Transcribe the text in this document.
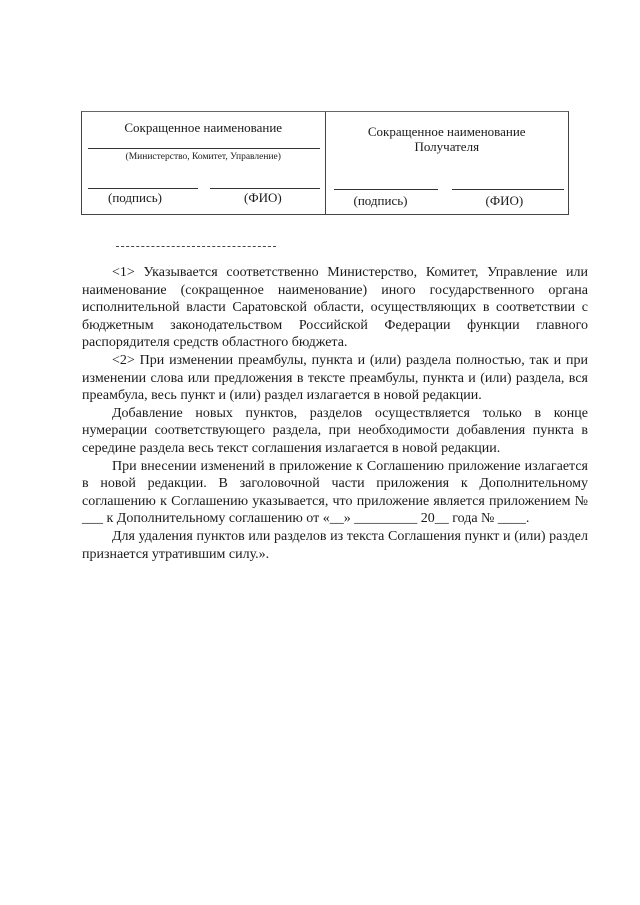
Сокращенное наименование
(Министерство, Комитет, Управление)
(подпись)	(ФИО)
Сокращенное наименование
Получателя
(подпись)	(ФИО)

<1> Указывается соответственно Министерство, Комитет, Управление или наименование (сокращенное наименование) иного государственного органа исполнительной власти Саратовской области, осуществляющих в соответствии с бюджетным законодательством Российской Федерации функции главного распорядителя средств областного бюджета.

<2> При изменении преамбулы, пункта и (или) раздела полностью, так и при изменении слова или предложения в тексте преамбулы, пункта и (или) раздела, вся преамбула, весь пункт и (или) раздел излагается в новой редакции.

Добавление новых пунктов, разделов осуществляется только в конце нумерации соответствующего раздела, при необходимости добавления пункта в середине раздела весь текст соглашения излагается в новой редакции.

При внесении изменений в приложение к Соглашению приложение излагается в новой редакции. В заголовочной части приложения к Дополнительному соглашению к Соглашению указывается, что приложение является приложением № ___ к Дополнительному соглашению от «__» _________ 20__ года № ____.

Для удаления пунктов или разделов из текста Соглашения пункт и (или) раздел признается утратившим силу.».
